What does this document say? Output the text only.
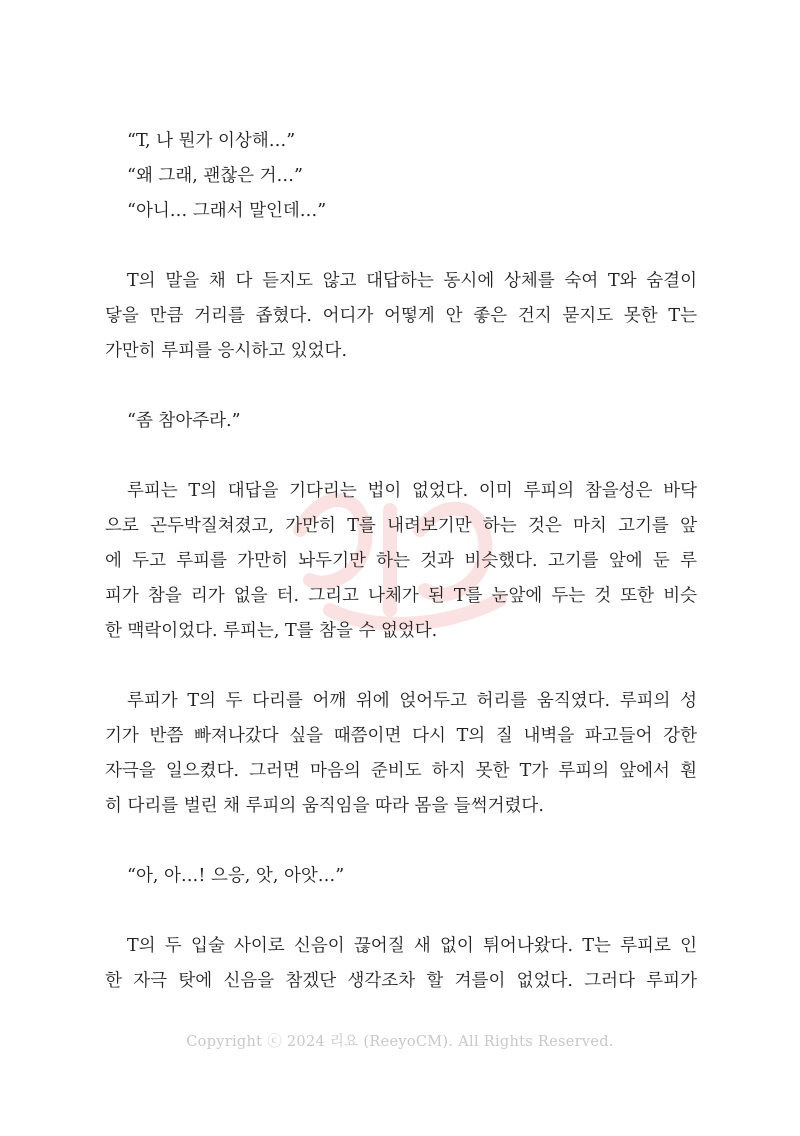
“T, 나 뭔가 이상해…”
“왜 그래, 괜찮은 거…”
“아니… 그래서 말인데…”
T의 말을 채 다 듣지도 않고 대답하는 동시에 상체를 숙여 T와 숨결이
닿을 만큼 거리를 좁혔다. 어디가 어떻게 안 좋은 건지 묻지도 못한 T는
가만히 루피를 응시하고 있었다.
“좀 참아주라.”
루피는 T의 대답을 기다리는 법이 없었다. 이미 루피의 참을성은 바닥
으로 곤두박질쳐졌고, 가만히 T를 내려보기만 하는 것은 마치 고기를 앞
에 두고 루피를 가만히 놔두기만 하는 것과 비슷했다. 고기를 앞에 둔 루
피가 참을 리가 없을 터. 그리고 나체가 된 T를 눈앞에 두는 것 또한 비슷
한 맥락이었다. 루피는, T를 참을 수 없었다.
루피가 T의 두 다리를 어깨 위에 얹어두고 허리를 움직였다. 루피의 성
기가 반쯤 빠져나갔다 싶을 때쯤이면 다시 T의 질 내벽을 파고들어 강한
자극을 일으켰다. 그러면 마음의 준비도 하지 못한 T가 루피의 앞에서 훤
히 다리를 벌린 채 루피의 움직임을 따라 몸을 들썩거렸다.
“아, 아…! 으응, 앗, 아앗…”
T의 두 입술 사이로 신음이 끊어질 새 없이 튀어나왔다. T는 루피로 인
한 자극 탓에 신음을 참겠단 생각조차 할 겨를이 없었다. 그러다 루피가
Copyright ⓒ 2024 리요 (ReeyoCM). All Rights Reserved.
